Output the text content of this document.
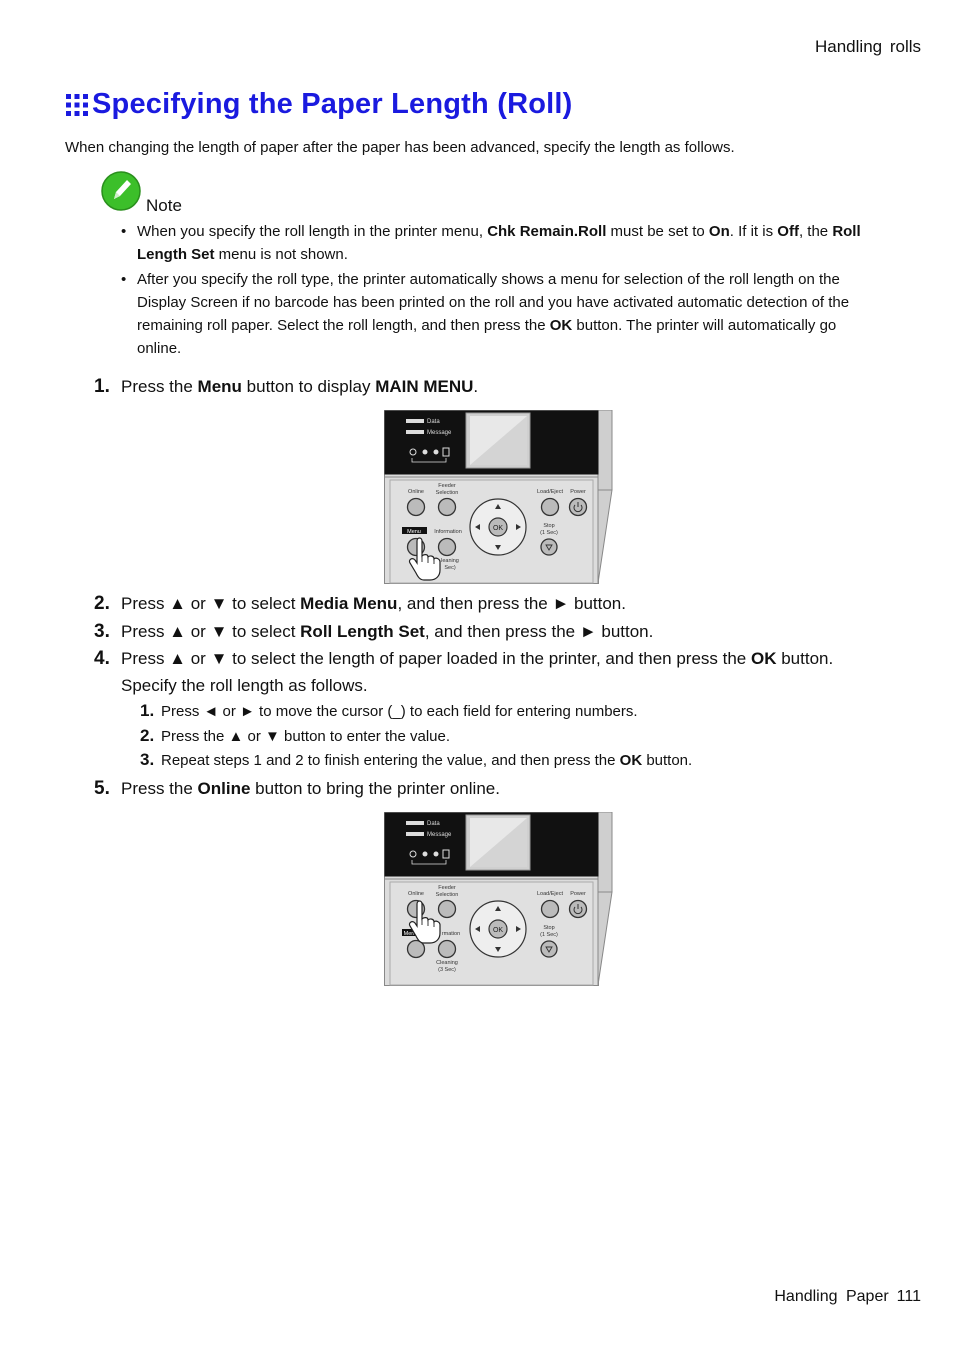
Handling rolls
Specifying the Paper Length (Roll)
When changing the length of paper after the paper has been advanced, specify the length as follows.
Note
• When you specify the roll length in the printer menu, Chk Remain.Roll must be set to On. If it is Off, the Roll Length Set menu is not shown.
• After you specify the roll type, the printer automatically shows a menu for selection of the roll length on the Display Screen if no barcode has been printed on the roll and you have activated automatic detection of the remaining roll paper. Select the roll length, and then press the OK button. The printer will automatically go online.
1. Press the Menu button to display MAIN MENU.
Data
Message
Online
Feeder
Selection	Load/Eject Power
OK	Stop
(1 Sec)
Menu Information
leaning
Sec)
2. Press ▲ or ▼ to select Media Menu, and then press the ► button.
3. Press ▲ or ▼ to select Roll Length Set, and then press the ► button.
4. Press ▲ or ▼ to select the length of paper loaded in the printer, and then press the OK button.
Specify the roll length as follows.
1. Press ◄ or ► to move the cursor (_) to each field for entering numbers.
2. Press the ▲ or ▼ button to enter the value.
3. Repeat steps 1 and 2 to finish entering the value, and then press the OK button.
5. Press the Online button to bring the printer online.
Data
Message
Online
Feeder
Selection	Load/Eject Power
OK	Stop
(1 Sec)
Men	rmation
Cleaning
(3 Sec)
Handling Paper 111
